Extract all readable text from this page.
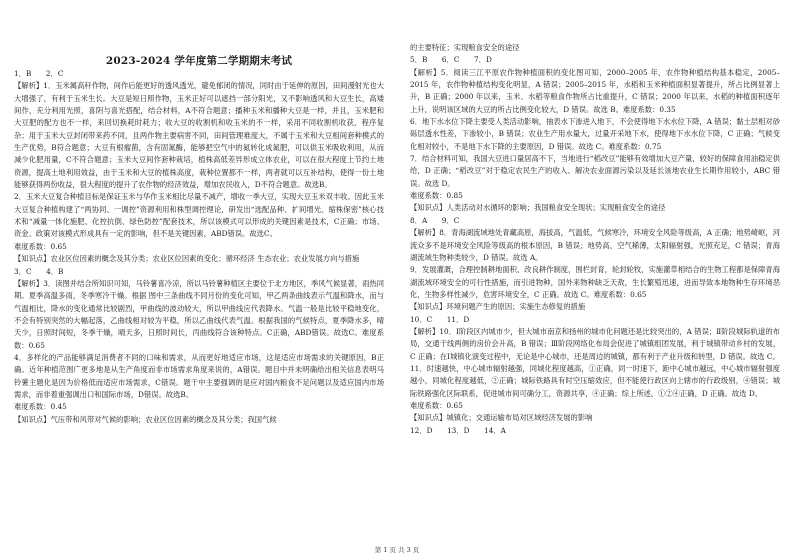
2023-2024 学年度第二学期期末考试

1．B　　2．C

【解析】1．玉米属高秆作物，间作后能更好的透风透光，避免郁闭的情况，同时由于延伸的原因，田间漫射光也大大增强了，有利于玉米生长。大豆是短日照作物，玉米正好可以遮挡一部分阳光，又不影响透风和大豆生长，高矮间作，充分利用光照，喜阴与喜光搭配，结合材料，A不符合题意；播种玉米和播种大豆是一样，并且，玉米肥和大豆肥的配方也不一样，来回切换耗时耗力；收大豆的收割机和收玉米的不一样，采用不同收割机收获，程序复杂；用于玉米大豆封闭带来药不同，且两作物主要病害不同，田间管理难度大，不属于玉米和大豆相间套种模式的生产优势，B符合题意；大豆有根瘤菌，含有固氮酶，能够把空气中的氮转化成氮肥，可以供玉米吸收利用，从而减少化肥用量，C不符合题意；玉米大豆间作套种栽培，植株高低差异形成立体农业，可以在很大程度上节约土地资源，提高土地利用效益，由于玉米和大豆的植株高度，栽种位置都不一样，两者就可以互补结构，使得一份土地能够获得两份收益，很大程度的提升了农作物的经济效益，增加农民收入，D不符合题意。故选B。

2．玉米大豆复合种植目标是保证玉米与华作玉米相比尽量不减产，增收一季大豆，实现大豆玉米双丰收。因此玉米大豆复合种植构建了“两协同、一调控”资源利用和株型调控理论，研发出“选配品种、扩间增光、缩株保密”核心技术和“减量一体化施肥、化控抗倒、绿色防控”配套技术，所以该模式可以形成的关键因素是技术，C正确；市场、资金、政策对该模式形成具有一定的影响，但不是关键因素，ABD错误。故选C。

难度系数：0.65

【知识点】农业区位因素的概念及其分类；农业区位因素的变化；循环经济 生态农业；农业发展方向与措施

3．C　　4．B

【解析】3．读图并结合所知识可知，马铃薯喜冷凉，所以马铃薯种植区主要位于北方地区，季风气候显著，雨热同期。夏季高温多雨，冬季寒冷干燥。根据 图中三条曲线不同月份的变化可知，甲乙两条曲线表示气温和降水，而与气温相比，降水的变化通常比较剧烈，甲曲线的波动较大，所以甲曲线应代表降水。气温一般是比较平稳地变化，不会有特别突然的大幅起落，乙曲线相对较为平稳，所以乙曲线代表气温。根据我国的气候特点，夏季降水多，晴天少，日照时间短，冬季干燥，晴天多，日照时间长，丙曲线符合该种特点。C正确，ABD错误。故选C。难度系数：0.65

4．多样化的产品能够满足消费者不同的口味和需求，从而更好地适应市场，这是适应市场需求的关键原因，B正确。近年种植范围广更多地是从生产角度而非市场需求角度来说的，A错误。题目中并未明确给出相关信息表明马铃薯主题化是因为价格低而适应市场需求，C错误。题干中主要强调的是应对国内粮食不足问题以及适应国内市场需求，而非着重强调出口和国际市场，D错误。故选B。

难度系数：0.45

【知识点】气压带和风带对气候的影响；农业区位因素的概念及其分类；我国气候

的主要特征；实现粮食安全的途径

5．B　　6．C　　7．D

【解析】5．阅读三江平原农作物种植面积的变化图可知，2000–2005 年，农作物种植结构基本稳定，2005–2015 年，农作物种植结构变化明显，A 错误；2005–2015 年，水稻和玉米种植面积显著提升，所占比例显著上升，B 正确；2000 年以来，玉米、水稻等粮食作物所占比重提升，C 错误；2000 年以来，水稻的种植面积逐年上升，说明该区域的大豆的所占比例变化较大，D 错误。故选 B。难度系数：0.35

6．地下水水位下降主要受人类活动影响，抽表水下渗进入地下，不会使得地下水水位下降，A 错误；黏土层相对砂砾层透水性差，下渗较小，B 错误；农业生产用水量大，过量开采地下水，使得地下水水位下降，C 正确；气候变化相对较小，不是地下水下降的主要原因，D 错误。故选 C。难度系数：0.75

7．结合材料可知，我国大豆进口量居高不下，当地进行“稻改豆”能够有效增加大豆产量，较好的保障食用油稳定供给，D 正确；“稻改豆”对于稳定农民生产的收入、解决农业面源污染以及延长该地农业生长期作用较小，ABC 错误。故选 D。

难度系数：0.85

【知识点】人类活动对水循环的影响；我国粮食安全现状；实现粮食安全的途径

8．A　　9．C

【解析】8．青海湖流域地处青藏高原，海拔高，气温低，气候寒冷，环境安全风险等级高，A 正确；地势崎岖，河流众多不是环境安全风险等级高的根本原因，B 错误；地势高，空气稀薄，太阳辐射强，光照充足，C 错误；青海湖流域生物种类较少，D 错误。故选 A。

9．发展灌溉，合理控制耕地面积、改良耕作制度，围栏封育，轮封轮牧，实施灌草相结合的生物工程都是保障青海湖流域环境安全的可行性措施，而引进物种，国外来物种缺乏天敌，生长繁殖迅速，进而导致本地物种生存环境恶化，生物多样性减少，危害环境安全，C 正确。故选 C。难度系数：0.65

【知识点】环境问题产生的原因；实施生态修复的措施

10．C　　11．D

【解析】10．Ⅰ阶段区内城市少，但大城市南京和扬州的城市化问题还是比较突出的，A 错误；Ⅱ阶段城际轨道的布局，交通干线两侧的房价会升高，B 错误；Ⅲ阶段网络化布局会促进了城镇组团发展，利于城镇带动乡村的发展，C 正确；在Ⅰ城镇化演变过程中，无论是中心城市，还是周边的城镇，都有利于产业升级和转型，D 错误。故选 C。

11．时速越快，中心城市辐射越强，同城化程度越高，①正确，同一时速下，距中心城市越远，中心城市辐射强度越小，同城化程度越低，②正确；城际铁路具有时空压缩效应，但不能使行政区向上辖市的行政级别，④错误；城际铁路强化区际联系，促进城市间可确分工，资源共享，④正确；综上所述，①②④正确，D 正确。故选 D。

难度系数：0.65

【知识点】城镇化；交通运输布局对区域经济发展的影响

12．D　　13．D　　14．A

第 1 页 共 3 页
